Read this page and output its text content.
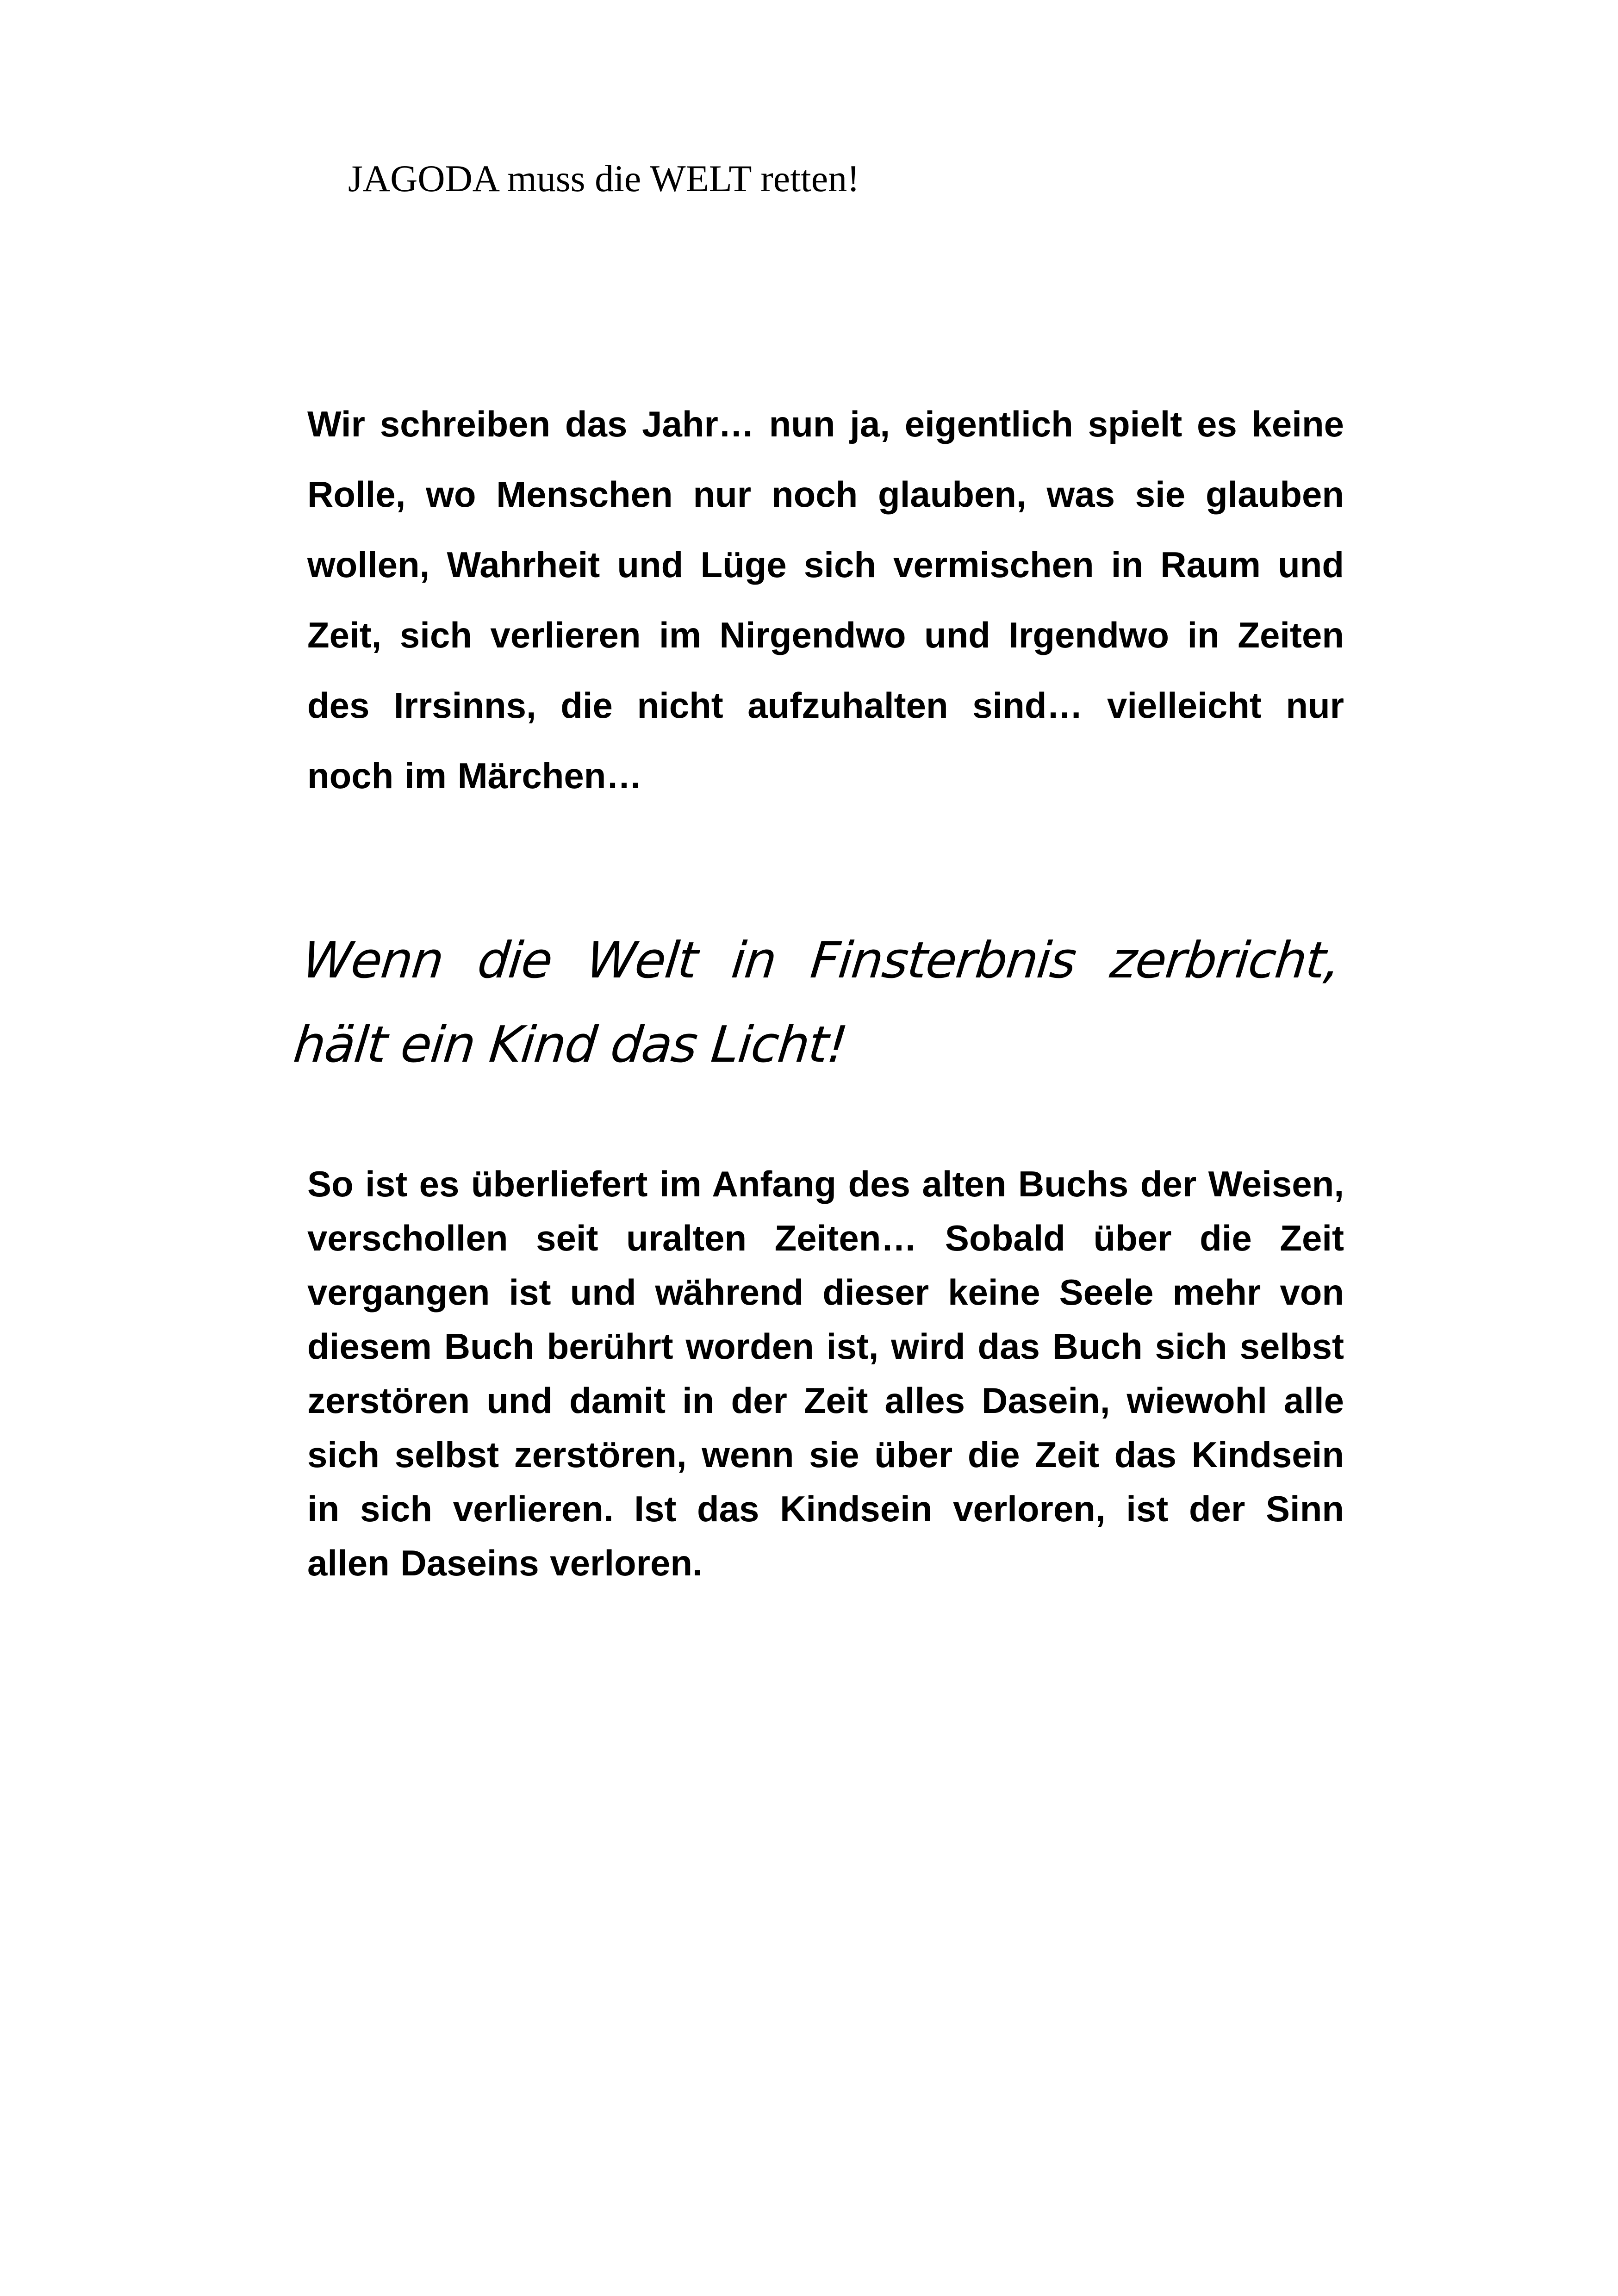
JAGODA muss die WELT retten!
Wir schreiben das Jahr… nun ja, eigentlich spielt es keine Rolle, wo Menschen nur noch glauben, was sie glauben wollen, Wahrheit und Lüge sich vermischen in Raum und Zeit, sich verlieren im Nirgendwo und Irgendwo in Zeiten des Irrsinns, die nicht aufzuhalten sind… vielleicht nur noch im Märchen…
Wenn die Welt in Finsterbnis zerbricht, hält ein Kind das Licht!
So ist es überliefert im Anfang des alten Buchs der Weisen, verschollen seit uralten Zeiten… Sobald über die Zeit vergangen ist und während dieser keine Seele mehr von diesem Buch berührt worden ist, wird das Buch sich selbst zerstören und damit in der Zeit alles Dasein, wiewohl alle sich selbst zerstören, wenn sie über die Zeit das Kindsein in sich verlieren. Ist das Kindsein verloren, ist der Sinn allen Daseins verloren.
